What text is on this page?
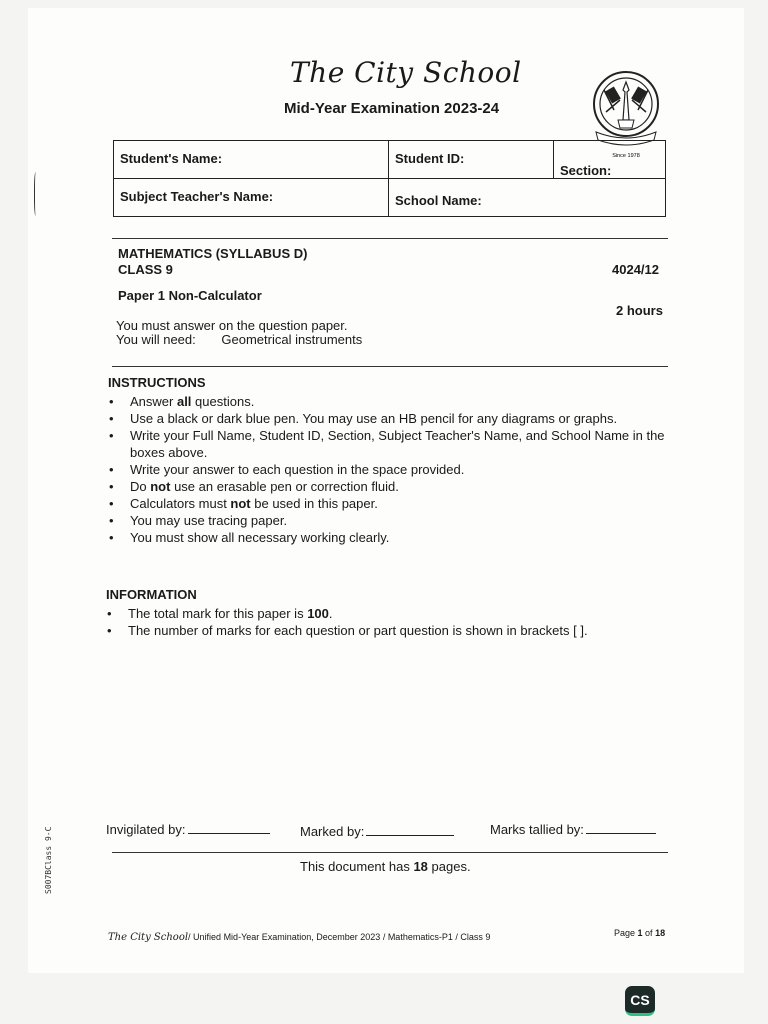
The City School
Mid-Year Examination 2023-24
Since 1978
Student's Name:	Student ID:	Section:
Subject Teacher's Name:	School Name:	
MATHEMATICS (SYLLABUS D)
CLASS 9	4024/12
Paper 1 Non-Calculator
2 hours
You must answer on the question paper.
You will need: Geometrical instruments
INSTRUCTIONS
• Answer all questions.
• Use a black or dark blue pen. You may use an HB pencil for any diagrams or graphs.
• Write your Full Name, Student ID, Section, Subject Teacher's Name, and School Name in the boxes above.
• Write your answer to each question in the space provided.
• Do not use an erasable pen or correction fluid.
• Calculators must not be used in this paper.
• You may use tracing paper.
• You must show all necessary working clearly.
INFORMATION
• The total mark for this paper is 100.
• The number of marks for each question or part question is shown in brackets [ ].
Invigilated by:	Marked by:	Marks tallied by:
This document has 18 pages.
S007BClass 9-C
The City School/ Unified Mid-Year Examination, December 2023 / Mathematics-P1 / Class 9	Page 1 of 18
CS
